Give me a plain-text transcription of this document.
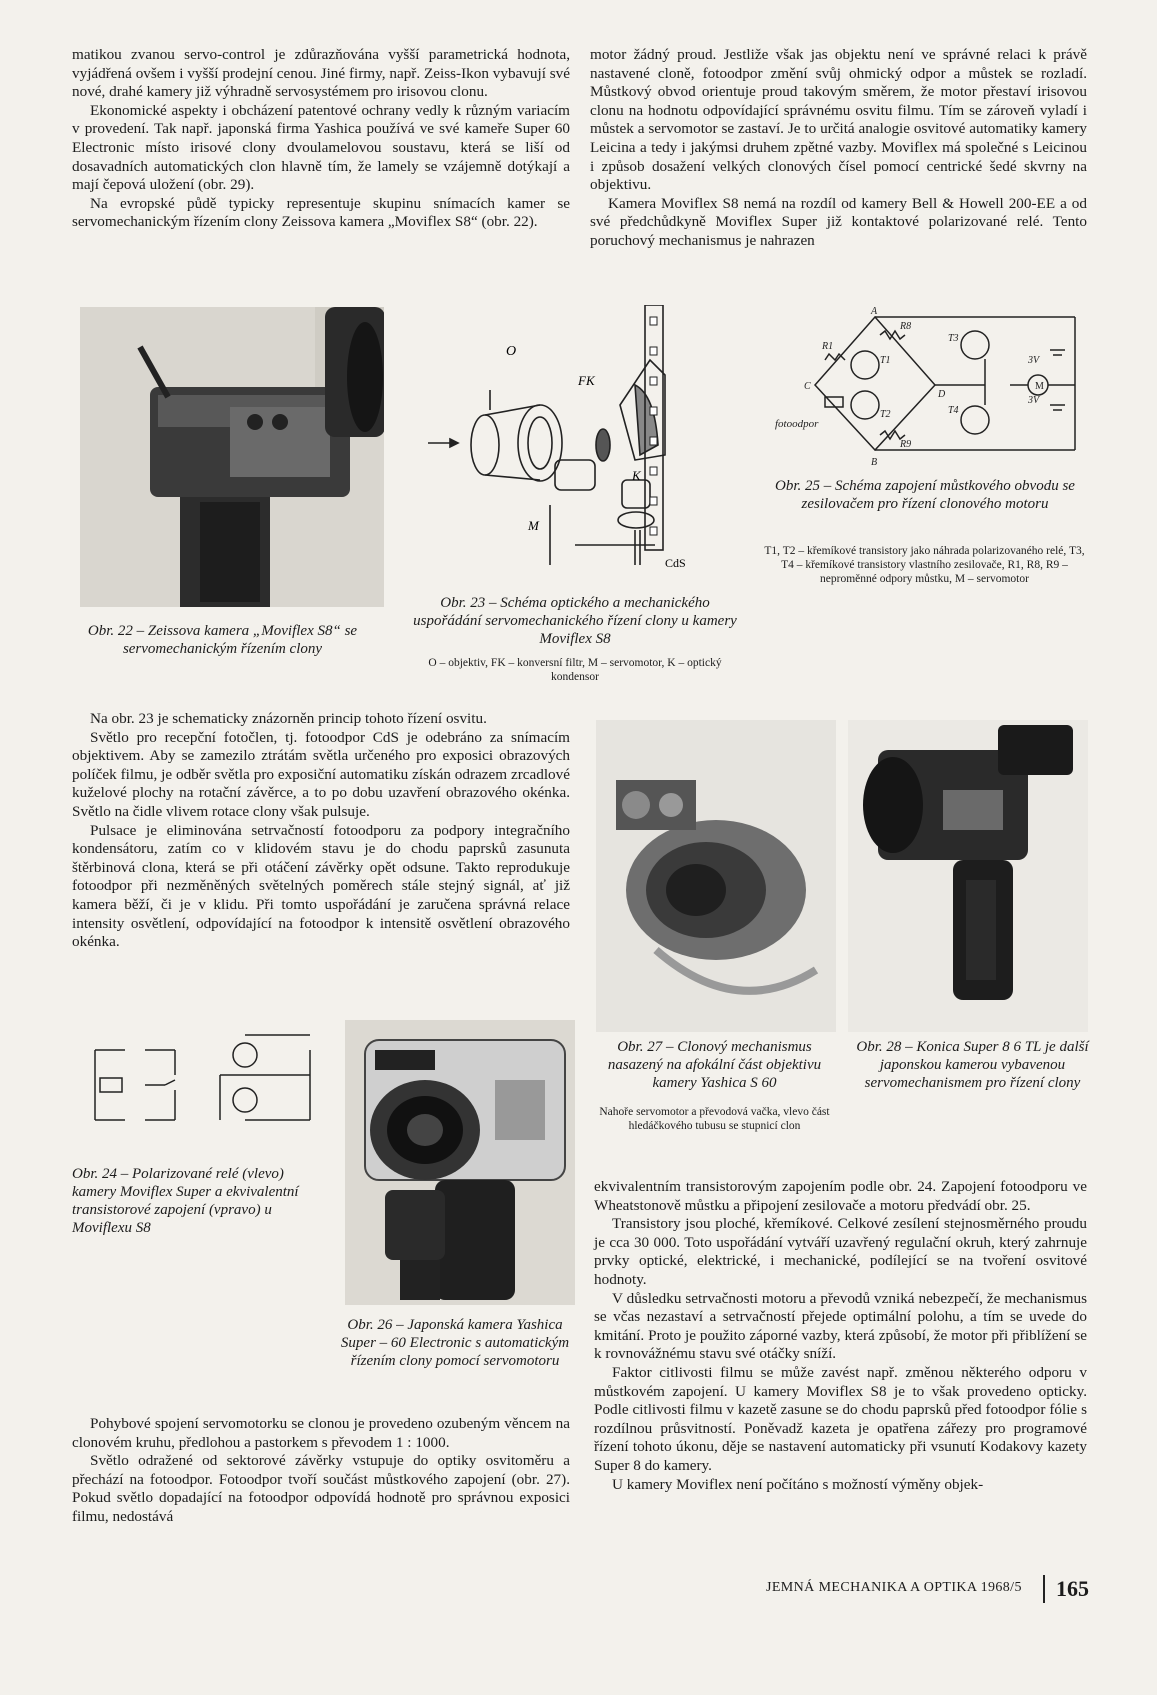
matikou zvanou servo-control je zdůrazňována vyšší parametrická hodnota, vyjádřená ovšem i vyšší prodejní cenou. Jiné firmy, např. Zeiss-Ikon vybavují své nové, drahé kamery již výhradně servosystémem pro irisovou clonu.

Ekonomické aspekty i obcházení patentové ochrany vedly k různým variacím v provedení. Tak např. japonská firma Yashica používá ve své kameře Super 60 Electronic místo irisové clony dvoulamelovou soustavu, která se liší od dosavadních automatických clon hlavně tím, že lamely se vzájemně dotýkají a mají čepová uložení (obr. 29).

Na evropské půdě typicky representuje skupinu snímacích kamer se servomechanickým řízením clony Zeissova kamera „Moviflex S8“ (obr. 22).

motor žádný proud. Jestliže však jas objektu není ve správné relaci k právě nastavené cloně, fotoodpor změní svůj ohmický odpor a můstek se rozladí. Můstkový obvod orientuje proud takovým směrem, že motor přestaví irisovou clonu na hodnotu odpovídající správnému osvitu filmu. Tím se zároveň vyladí i můstek a servomotor se zastaví. Je to určitá analogie osvitové automatiky kamery Leicina a tedy i jakýmsi druhem zpětné vazby. Moviflex má společné s Leicinou i způsob dosažení velkých clonových čísel pomocí centrické šedé skvrny na objektivu.

Kamera Moviflex S8 nemá na rozdíl od kamery Bell & Howell 200-EE a od své předchůdkyně Moviflex Super již kontaktové polarizované relé. Tento poruchový mechanismus je nahrazen

Obr. 22 – Zeissova kamera „Moviflex S8“ se servomechanickým řízením clony
O
FK
M
K
CdS
Obr. 23 – Schéma optického a mechanického uspořádání servomechanického řízení clony u kamery Moviflex S8
O – objektiv, FK – konversní filtr, M – servomotor, K – optický kondensor
A
B
C
D
R1
R8
R9
T1
T2
T3
T4
M
3V
3V
fotoodpor
Obr. 25 – Schéma zapojení můstkového obvodu se zesilovačem pro řízení clonového motoru
T1, T2 – křemíkové transistory jako náhrada polarizovaného relé, T3, T4 – křemíkové transistory vlastního zesilovače, R1, R8, R9 – neproměnné odpory můstku, M – servomotor

Na obr. 23 je schematicky znázorněn princip tohoto řízení osvitu.

Světlo pro recepční fotočlen, tj. fotoodpor CdS je odebráno za snímacím objektivem. Aby se zamezilo ztrátám světla určeného pro exposici obrazových políček filmu, je odběr světla pro exposiční automatiku získán odrazem zrcadlové kuželové plochy na rotační závěrce, a to po dobu uzavření obrazového okénka. Světlo na čidle vlivem rotace clony však pulsuje.

Pulsace je eliminována setrvačností fotoodporu za podpory integračního kondensátoru, zatím co v klidovém stavu je do chodu paprsků zasunuta štěrbinová clona, která se při otáčení závěrky opět odsune. Takto reprodukuje fotoodpor při nezměněných světelných poměrech stále stejný signál, ať již kamera běží, či je v klidu. Při tomto uspořádání je zaručena správná relace intensity osvětlení, odpovídající na fotoodpor k intensitě osvětlení obrazového okénka.

Obr. 27 – Clonový mechanismus nasazený na afokální část objektivu kamery Yashica S 60
Nahoře servomotor a převodová vačka, vlevo část hledáčkového tubusu se stupnicí clon
Obr. 28 – Konica Super 8 6 TL je další japonskou kamerou vybavenou servomechanismem pro řízení clony
Obr. 24 – Polarizované relé (vlevo) kamery Moviflex Super a ekvivalentní transistorové zapojení (vpravo) u Moviflexu S8
Obr. 26 – Japonská kamera Yashica Super – 60 Electronic s automatickým řízením clony pomocí servomotoru

ekvivalentním transistorovým zapojením podle obr. 24. Zapojení fotoodporu ve Wheatstonově můstku a připojení zesilovače a motoru předvádí obr. 25.

Transistory jsou ploché, křemíkové. Celkové zesílení stejnosměrného proudu je cca 30 000. Toto uspořádání vytváří uzavřený regulační okruh, který zahrnuje prvky optické, elektrické, i mechanické, podílející se na tvoření osvitové hodnoty.

V důsledku setrvačnosti motoru a převodů vzniká nebezpečí, že mechanismus se včas nezastaví a setrvačností přejede optimální polohu, a tím se uvede do kmitání. Proto je použito záporné vazby, která způsobí, že motor při přiblížení se k rovnovážnému stavu své otáčky sníží.

Faktor citlivosti filmu se může zavést např. změnou některého odporu v můstkovém zapojení. U kamery Moviflex S8 je to však provedeno opticky. Podle citlivosti filmu v kazetě zasune se do chodu paprsků před fotoodpor fólie s rozdílnou průsvitností. Poněvadž kazeta je opatřena zářezy pro programové řízení tohoto úkonu, děje se nastavení automaticky při vsunutí Kodakovy kazety Super 8 do kamery.

U kamery Moviflex není počítáno s možností výměny objek-

Pohybové spojení servomotorku se clonou je provedeno ozubeným věncem na clonovém kruhu, předlohou a pastorkem s převodem 1 : 1000.

Světlo odražené od sektorové závěrky vstupuje do optiky osvitoměru a přechází na fotoodpor. Fotoodpor tvoří součást můstkového zapojení (obr. 27). Pokud světlo dopadající na fotoodpor odpovídá hodnotě pro správnou exposici filmu, nedostává

JEMNÁ MECHANIKA A OPTIKA 1968/5 165
